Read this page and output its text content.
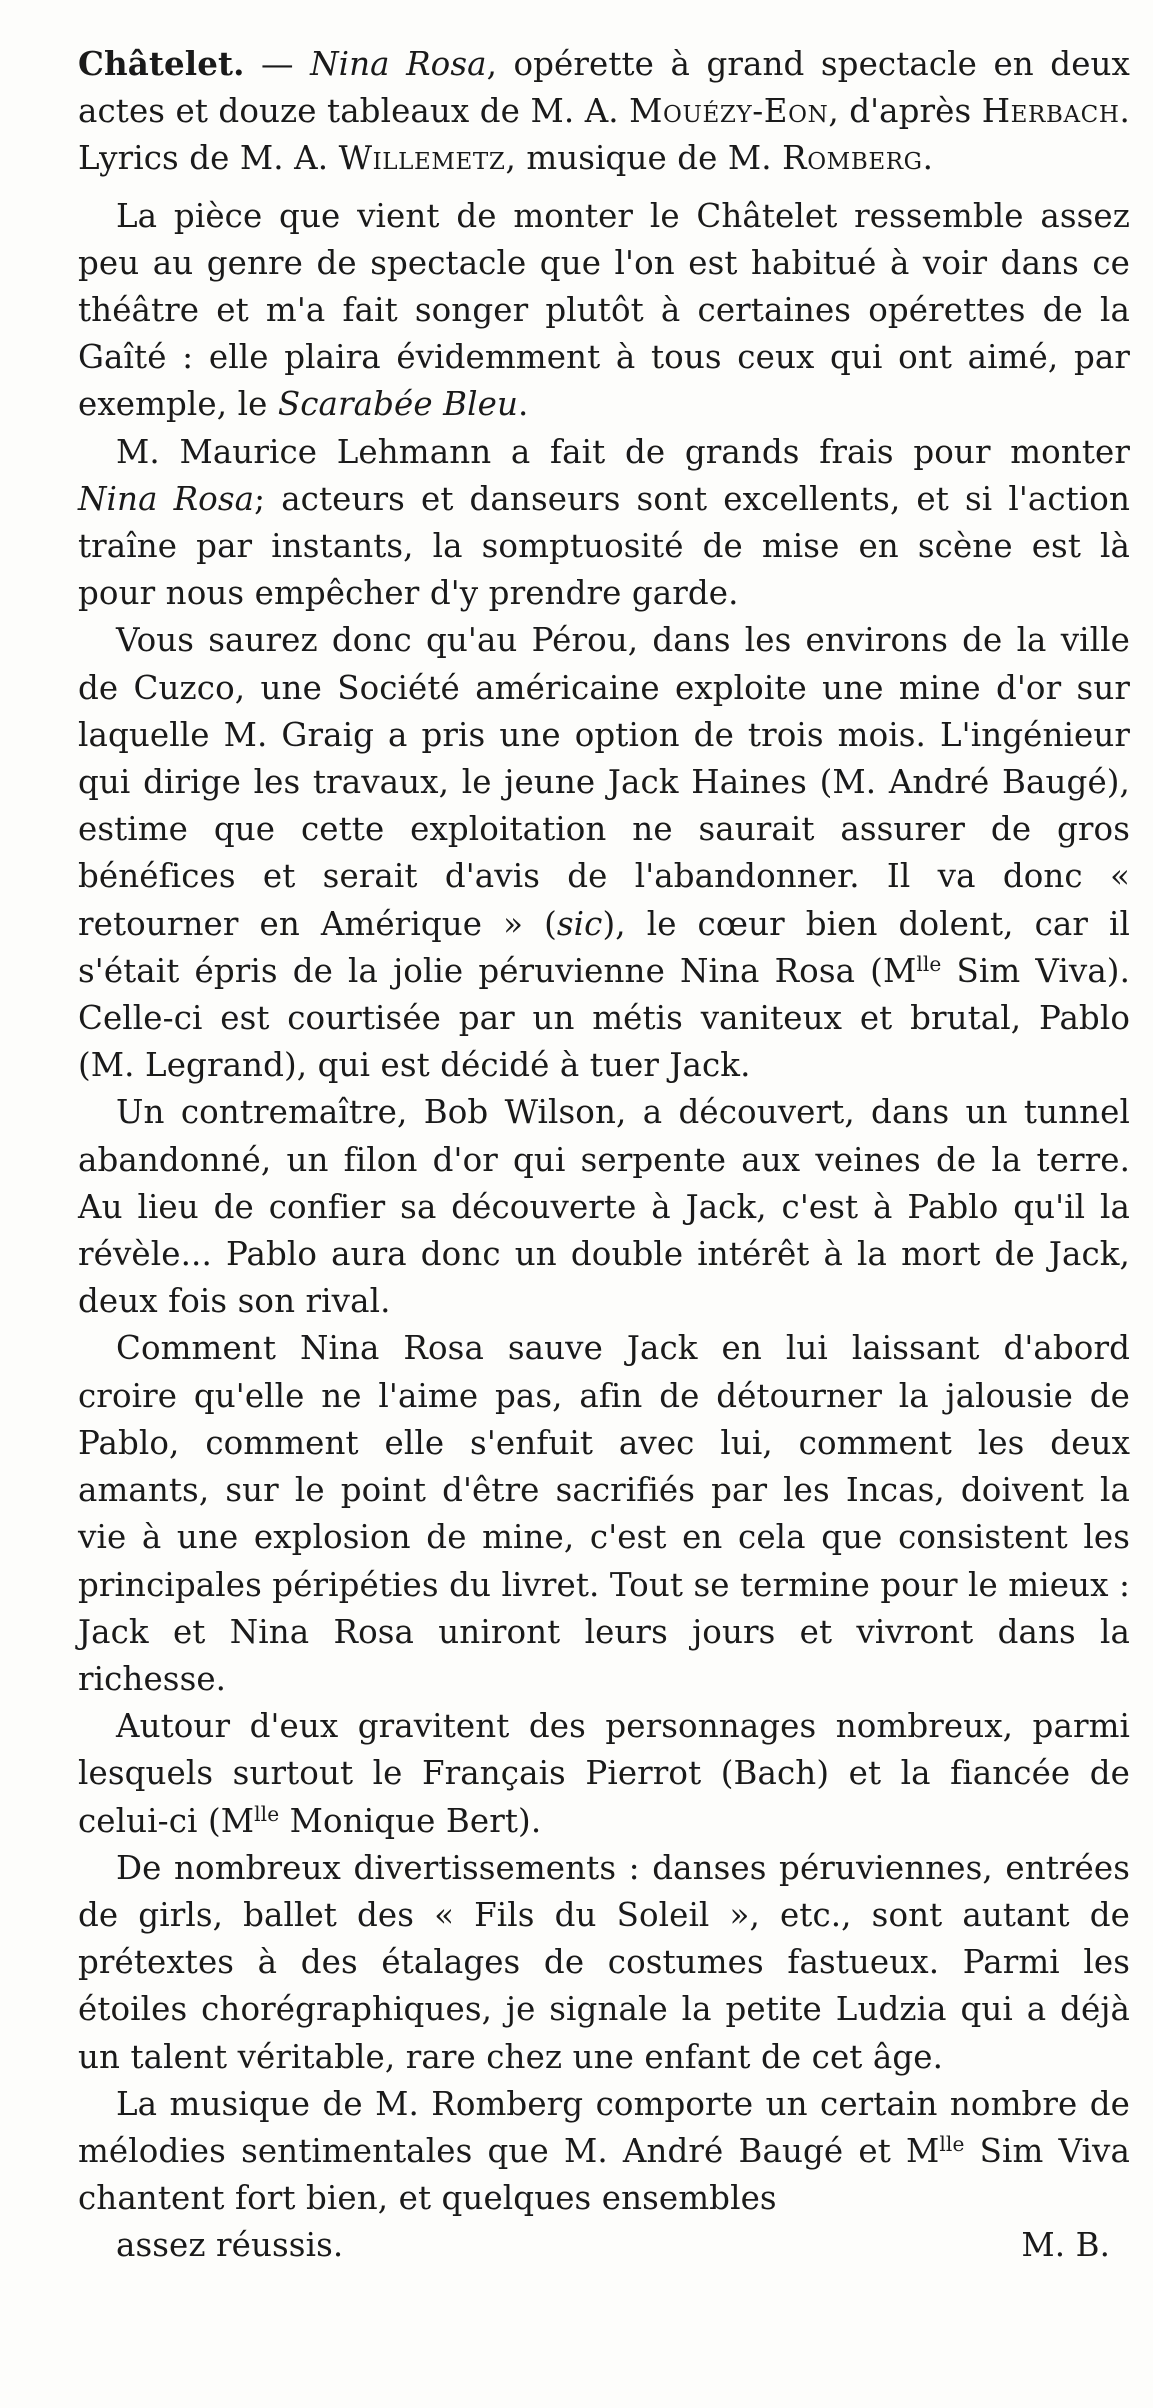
Châtelet. — Nina Rosa, opérette à grand spectacle en deux actes et douze tableaux de M. A. Mouézy-Eon, d'après Herbach. Lyrics de M. A. Willemetz, musique de M. Romberg.

La pièce que vient de monter le Châtelet ressemble assez peu au genre de spectacle que l'on est habitué à voir dans ce théâtre et m'a fait songer plutôt à certaines opérettes de la Gaîté : elle plaira évidemment à tous ceux qui ont aimé, par exemple, le Scarabée Bleu.

M. Maurice Lehmann a fait de grands frais pour monter Nina Rosa; acteurs et danseurs sont excellents, et si l'action traîne par instants, la somptuosité de mise en scène est là pour nous empêcher d'y prendre garde.

Vous saurez donc qu'au Pérou, dans les environs de la ville de Cuzco, une Société américaine exploite une mine d'or sur laquelle M. Graig a pris une option de trois mois. L'ingénieur qui dirige les travaux, le jeune Jack Haines (M. André Baugé), estime que cette exploitation ne saurait assurer de gros bénéfices et serait d'avis de l'abandonner. Il va donc « retourner en Amérique » (sic), le cœur bien dolent, car il s'était épris de la jolie péruvienne Nina Rosa ($M^{lle}$ Sim Viva). Celle-ci est courtisée par un métis vaniteux et brutal, Pablo (M. Legrand), qui est décidé à tuer Jack.

Un contremaître, Bob Wilson, a découvert, dans un tunnel abandonné, un filon d'or qui serpente aux veines de la terre. Au lieu de confier sa découverte à Jack, c'est à Pablo qu'il la révèle... Pablo aura donc un double intérêt à la mort de Jack, deux fois son rival.

Comment Nina Rosa sauve Jack en lui laissant d'abord croire qu'elle ne l'aime pas, afin de détourner la jalousie de Pablo, comment elle s'enfuit avec lui, comment les deux amants, sur le point d'être sacrifiés par les Incas, doivent la vie à une explosion de mine, c'est en cela que consistent les principales péripéties du livret. Tout se termine pour le mieux : Jack et Nina Rosa uniront leurs jours et vivront dans la richesse.

Autour d'eux gravitent des personnages nombreux, parmi lesquels surtout le Français Pierrot (Bach) et la fiancée de celui-ci ($M^{lle}$ Monique Bert).

De nombreux divertissements : danses péruviennes, entrées de girls, ballet des « Fils du Soleil », etc., sont autant de prétextes à des étalages de costumes fastueux. Parmi les étoiles chorégraphiques, je signale la petite Ludzia qui a déjà un talent véritable, rare chez une enfant de cet âge.

La musique de M. Romberg comporte un certain nombre de mélodies sentimentales que M. André Baugé et $M^{lle}$ Sim Viva chantent fort bien, et quelques ensembles

assez réussis.	M. B.
